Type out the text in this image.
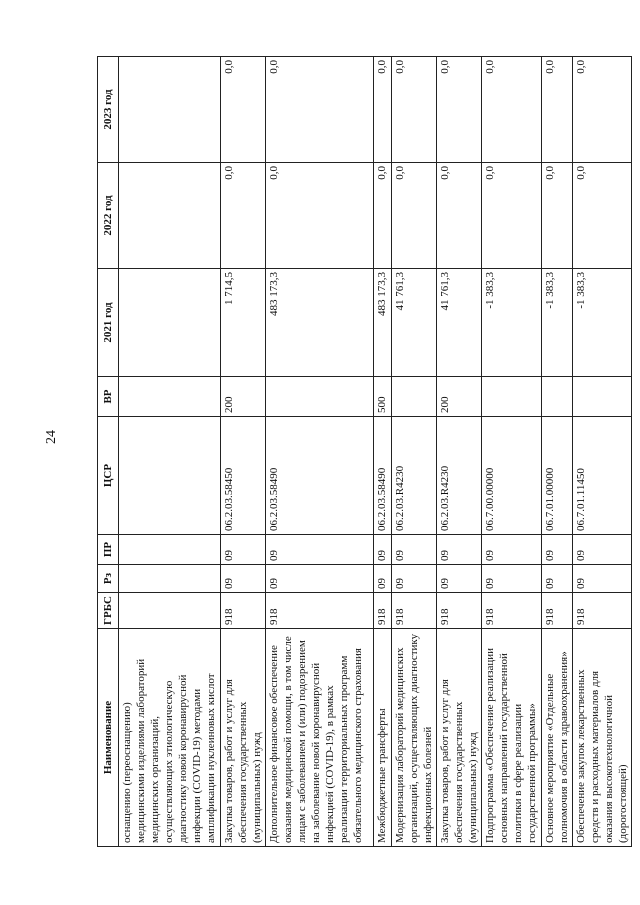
24
Наименование	ГРБС	Рз	ПР	ЦСР	ВР	2021 год	2022 год	2023 год
оснащению (переоснащению) медицинскими изделиями лабораторий медицинских организаций, осуществляющих этиологическую диагностику новой коронавирусной инфекции (COVID-19) методами амплификации нуклеиновых кислот								
Закупка товаров, работ и услуг для обеспечения государственных (муниципальных) нужд	918	09	09	06.2.03.58450	200	1 714,5	0,0	0,0
Дополнительное финансовое обеспечение оказания медицинской помощи, в том числе лицам с заболеванием и (или) подозрением на заболевание новой коронавирусной инфекцией (COVID-19), в рамках реализации территориальных программ обязательного медицинского страхования	918	09	09	06.2.03.58490		483 173,3	0,0	0,0
Межбюджетные трансферты	918	09	09	06.2.03.58490	500	483 173,3	0,0	0,0
Модернизация лабораторий медицинских организаций, осуществляющих диагностику инфекционных болезней	918	09	09	06.2.03.R4230		41 761,3	0,0	0,0
Закупка товаров, работ и услуг для обеспечения государственных (муниципальных) нужд	918	09	09	06.2.03.R4230	200	41 761,3	0,0	0,0
Подпрограмма «Обеспечение реализации основных направлений государственной политики в сфере реализации государственной программы»	918	09	09	06.7.00.00000		-1 383,3	0,0	0,0
Основное мероприятие «Отдельные полномочия в области здравоохранения»	918	09	09	06.7.01.00000		-1 383,3	0,0	0,0
Обеспечение закупок лекарственных средств и расходных материалов для оказания высокотехнологичной (дорогостоящей)	918	09	09	06.7.01.11450		-1 383,3	0,0	0,0
